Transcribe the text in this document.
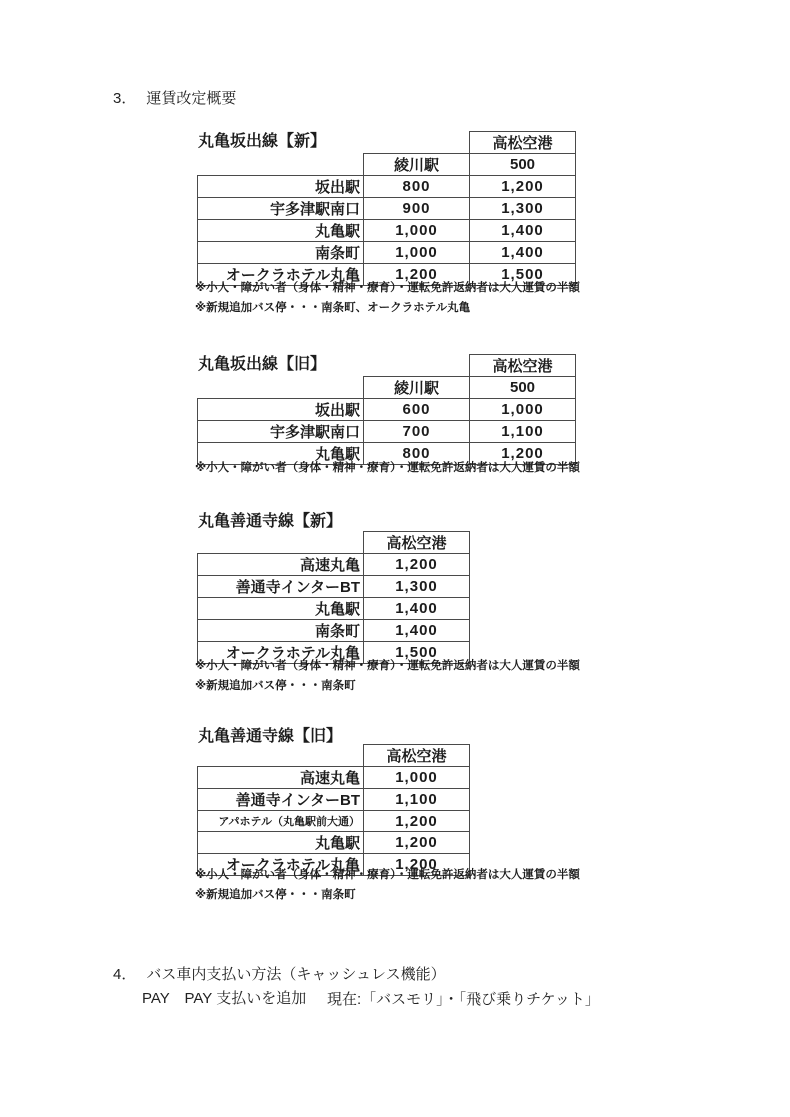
3． 運賃改定概要
丸亀坂出線【新】
		高松空港
	綾川駅	500
坂出駅	800	1,200
宇多津駅南口	900	1,300
丸亀駅	1,000	1,400
南条町	1,000	1,400
オークラホテル丸亀	1,200	1,500
※小人・障がい者（身体・精神・療育）・運転免許返納者は大人運賃の半額
※新規追加バス停・・・南条町、オークラホテル丸亀
丸亀坂出線【旧】
		高松空港
	綾川駅	500
坂出駅	600	1,000
宇多津駅南口	700	1,100
丸亀駅	800	1,200
※小人・障がい者（身体・精神・療育）・運転免許返納者は大人運賃の半額
丸亀善通寺線【新】
	高松空港
高速丸亀	1,200
善通寺インターBT	1,300
丸亀駅	1,400
南条町	1,400
オークラホテル丸亀	1,500
※小人・障がい者（身体・精神・療育）・運転免許返納者は大人運賃の半額
※新規追加バス停・・・南条町
丸亀善通寺線【旧】
	高松空港
高速丸亀	1,000
善通寺インターBT	1,100
アパホテル（丸亀駅前大通）	1,200
丸亀駅	1,200
オークラホテル丸亀	1,200
※小人・障がい者（身体・精神・療育）・運転免許返納者は大人運賃の半額
※新規追加バス停・・・南条町
4． バス車内支払い方法（キャッシュレス機能）
PAY　PAY 支払いを追加 現在:「バスモリ」・「飛び乗りチケット」
